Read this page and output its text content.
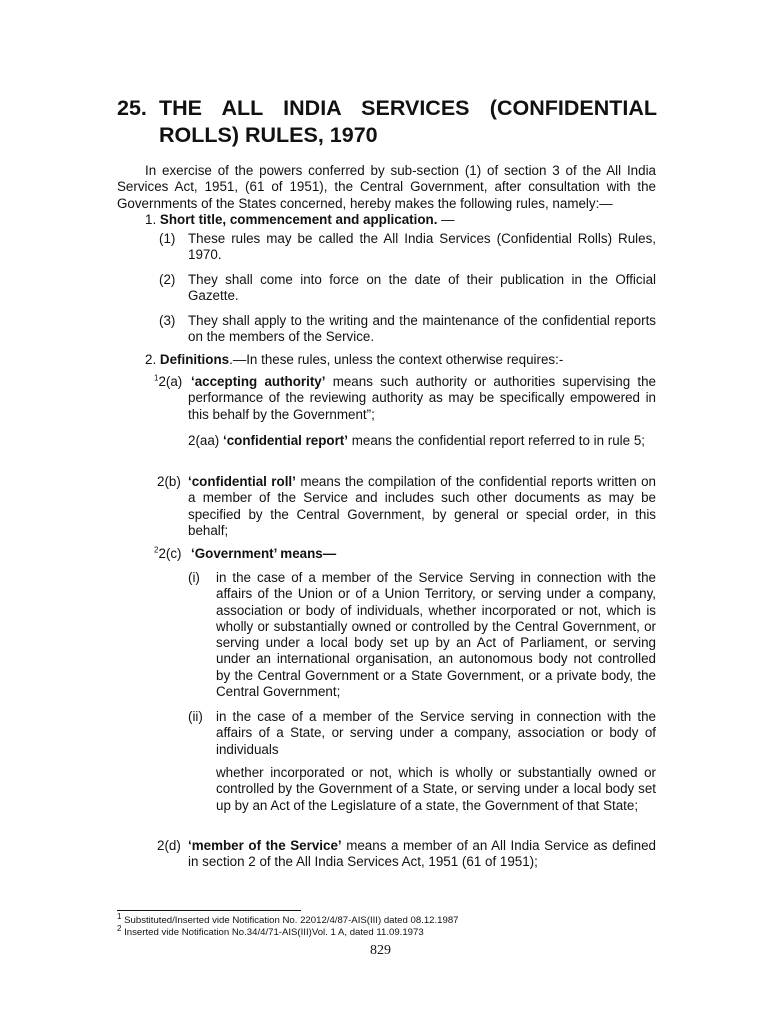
25. THE ALL INDIA SERVICES (CONFIDENTIAL
ROLLS) RULES, 1970

In exercise of the powers conferred by sub-section (1) of section 3 of the All India Services Act, 1951, (61 of 1951), the Central Government, after consultation with the Governments of the States concerned, hereby makes the following rules, namely:—

1. Short title, commencement and application. —

(1) These rules may be called the All India Services (Confidential Rolls) Rules, 1970.

(2) They shall come into force on the date of their publication in the Official Gazette.

(3) They shall apply to the writing and the maintenance of the confidential reports on the members of the Service.

2. Definitions.—In these rules, unless the context otherwise requires:-

$^1$2(a) ‘accepting authority’ means such authority or authorities supervising the performance of the reviewing authority as may be specifically empowered in this behalf by the Government”;

2(aa) ‘confidential report’ means the confidential report referred to in rule 5;

2(b) ‘confidential roll’ means the compilation of the confidential reports written on a member of the Service and includes such other documents as may be specified by the Central Government, by general or special order, in this behalf;

$^2$2(c) ‘Government’ means—
(i) in the case of a member of the Service Serving in connection with the affairs of the Union or of a Union Territory, or serving under a company, association or body of individuals, whether incorporated or not, which is wholly or substantially owned or controlled by the Central Government, or serving under a local body set up by an Act of Parliament, or serving under an international organisation, an autonomous body not controlled by the Central Government or a State Government, or a private body, the Central Government;

(ii) in the case of a member of the Service serving in connection with the affairs of a State, or serving under a company, association or body of individuals

whether incorporated or not, which is wholly or substantially owned or controlled by the Government of a State, or serving under a local body set up by an Act of the Legislature of a state, the Government of that State;

2(d) ‘member of the Service’ means a member of an All India Service as defined in section 2 of the All India Services Act, 1951 (61 of 1951);

$^1$ Substituted/Inserted vide Notification No. 22012/4/87-AIS(III) dated 08.12.1987
$^2$ Inserted vide Notification No.34/4/71-AIS(III)Vol. 1 A, dated 11.09.1973
829
